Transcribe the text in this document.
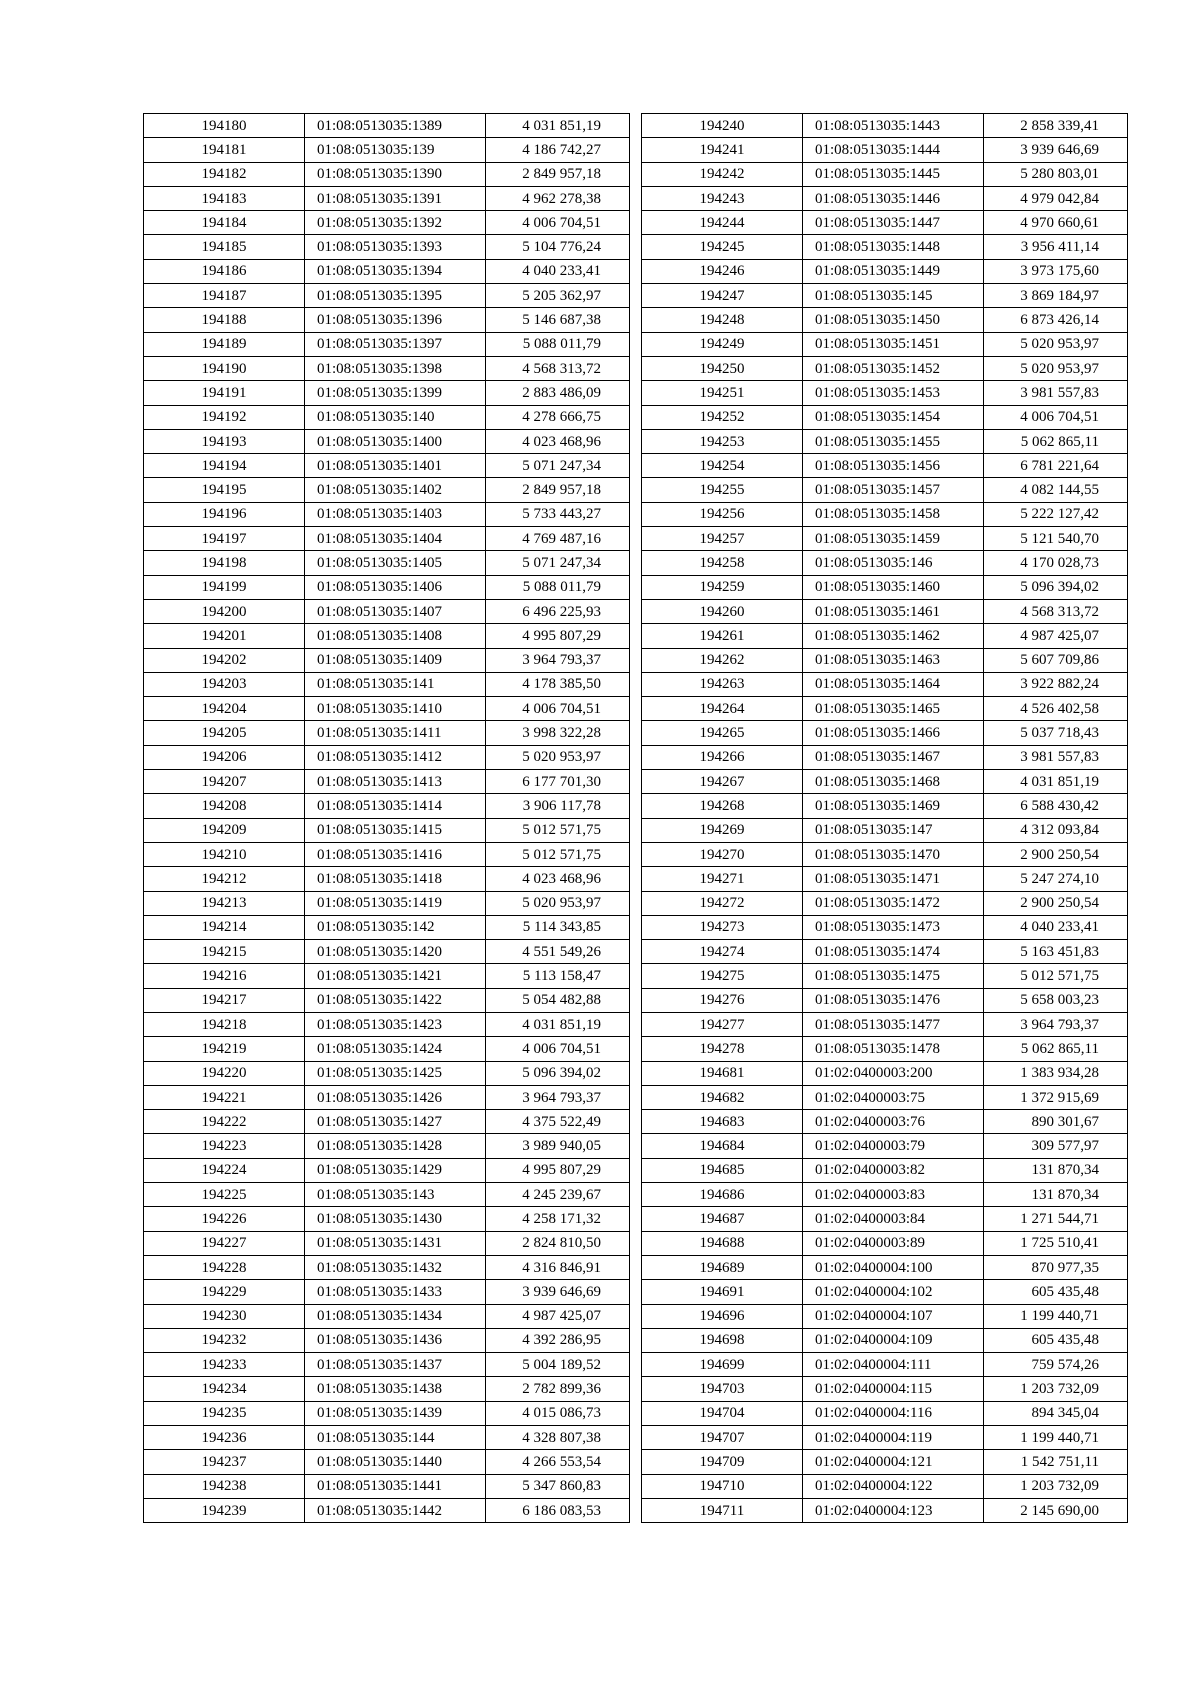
194180	01:08:0513035:1389	4 031 851,19
194181	01:08:0513035:139	4 186 742,27
194182	01:08:0513035:1390	2 849 957,18
194183	01:08:0513035:1391	4 962 278,38
194184	01:08:0513035:1392	4 006 704,51
194185	01:08:0513035:1393	5 104 776,24
194186	01:08:0513035:1394	4 040 233,41
194187	01:08:0513035:1395	5 205 362,97
194188	01:08:0513035:1396	5 146 687,38
194189	01:08:0513035:1397	5 088 011,79
194190	01:08:0513035:1398	4 568 313,72
194191	01:08:0513035:1399	2 883 486,09
194192	01:08:0513035:140	4 278 666,75
194193	01:08:0513035:1400	4 023 468,96
194194	01:08:0513035:1401	5 071 247,34
194195	01:08:0513035:1402	2 849 957,18
194196	01:08:0513035:1403	5 733 443,27
194197	01:08:0513035:1404	4 769 487,16
194198	01:08:0513035:1405	5 071 247,34
194199	01:08:0513035:1406	5 088 011,79
194200	01:08:0513035:1407	6 496 225,93
194201	01:08:0513035:1408	4 995 807,29
194202	01:08:0513035:1409	3 964 793,37
194203	01:08:0513035:141	4 178 385,50
194204	01:08:0513035:1410	4 006 704,51
194205	01:08:0513035:1411	3 998 322,28
194206	01:08:0513035:1412	5 020 953,97
194207	01:08:0513035:1413	6 177 701,30
194208	01:08:0513035:1414	3 906 117,78
194209	01:08:0513035:1415	5 012 571,75
194210	01:08:0513035:1416	5 012 571,75
194212	01:08:0513035:1418	4 023 468,96
194213	01:08:0513035:1419	5 020 953,97
194214	01:08:0513035:142	5 114 343,85
194215	01:08:0513035:1420	4 551 549,26
194216	01:08:0513035:1421	5 113 158,47
194217	01:08:0513035:1422	5 054 482,88
194218	01:08:0513035:1423	4 031 851,19
194219	01:08:0513035:1424	4 006 704,51
194220	01:08:0513035:1425	5 096 394,02
194221	01:08:0513035:1426	3 964 793,37
194222	01:08:0513035:1427	4 375 522,49
194223	01:08:0513035:1428	3 989 940,05
194224	01:08:0513035:1429	4 995 807,29
194225	01:08:0513035:143	4 245 239,67
194226	01:08:0513035:1430	4 258 171,32
194227	01:08:0513035:1431	2 824 810,50
194228	01:08:0513035:1432	4 316 846,91
194229	01:08:0513035:1433	3 939 646,69
194230	01:08:0513035:1434	4 987 425,07
194232	01:08:0513035:1436	4 392 286,95
194233	01:08:0513035:1437	5 004 189,52
194234	01:08:0513035:1438	2 782 899,36
194235	01:08:0513035:1439	4 015 086,73
194236	01:08:0513035:144	4 328 807,38
194237	01:08:0513035:1440	4 266 553,54
194238	01:08:0513035:1441	5 347 860,83
194239	01:08:0513035:1442	6 186 083,53
194240	01:08:0513035:1443	2 858 339,41
194241	01:08:0513035:1444	3 939 646,69
194242	01:08:0513035:1445	5 280 803,01
194243	01:08:0513035:1446	4 979 042,84
194244	01:08:0513035:1447	4 970 660,61
194245	01:08:0513035:1448	3 956 411,14
194246	01:08:0513035:1449	3 973 175,60
194247	01:08:0513035:145	3 869 184,97
194248	01:08:0513035:1450	6 873 426,14
194249	01:08:0513035:1451	5 020 953,97
194250	01:08:0513035:1452	5 020 953,97
194251	01:08:0513035:1453	3 981 557,83
194252	01:08:0513035:1454	4 006 704,51
194253	01:08:0513035:1455	5 062 865,11
194254	01:08:0513035:1456	6 781 221,64
194255	01:08:0513035:1457	4 082 144,55
194256	01:08:0513035:1458	5 222 127,42
194257	01:08:0513035:1459	5 121 540,70
194258	01:08:0513035:146	4 170 028,73
194259	01:08:0513035:1460	5 096 394,02
194260	01:08:0513035:1461	4 568 313,72
194261	01:08:0513035:1462	4 987 425,07
194262	01:08:0513035:1463	5 607 709,86
194263	01:08:0513035:1464	3 922 882,24
194264	01:08:0513035:1465	4 526 402,58
194265	01:08:0513035:1466	5 037 718,43
194266	01:08:0513035:1467	3 981 557,83
194267	01:08:0513035:1468	4 031 851,19
194268	01:08:0513035:1469	6 588 430,42
194269	01:08:0513035:147	4 312 093,84
194270	01:08:0513035:1470	2 900 250,54
194271	01:08:0513035:1471	5 247 274,10
194272	01:08:0513035:1472	2 900 250,54
194273	01:08:0513035:1473	4 040 233,41
194274	01:08:0513035:1474	5 163 451,83
194275	01:08:0513035:1475	5 012 571,75
194276	01:08:0513035:1476	5 658 003,23
194277	01:08:0513035:1477	3 964 793,37
194278	01:08:0513035:1478	5 062 865,11
194681	01:02:0400003:200	1 383 934,28
194682	01:02:0400003:75	1 372 915,69
194683	01:02:0400003:76	890 301,67
194684	01:02:0400003:79	309 577,97
194685	01:02:0400003:82	131 870,34
194686	01:02:0400003:83	131 870,34
194687	01:02:0400003:84	1 271 544,71
194688	01:02:0400003:89	1 725 510,41
194689	01:02:0400004:100	870 977,35
194691	01:02:0400004:102	605 435,48
194696	01:02:0400004:107	1 199 440,71
194698	01:02:0400004:109	605 435,48
194699	01:02:0400004:111	759 574,26
194703	01:02:0400004:115	1 203 732,09
194704	01:02:0400004:116	894 345,04
194707	01:02:0400004:119	1 199 440,71
194709	01:02:0400004:121	1 542 751,11
194710	01:02:0400004:122	1 203 732,09
194711	01:02:0400004:123	2 145 690,00
